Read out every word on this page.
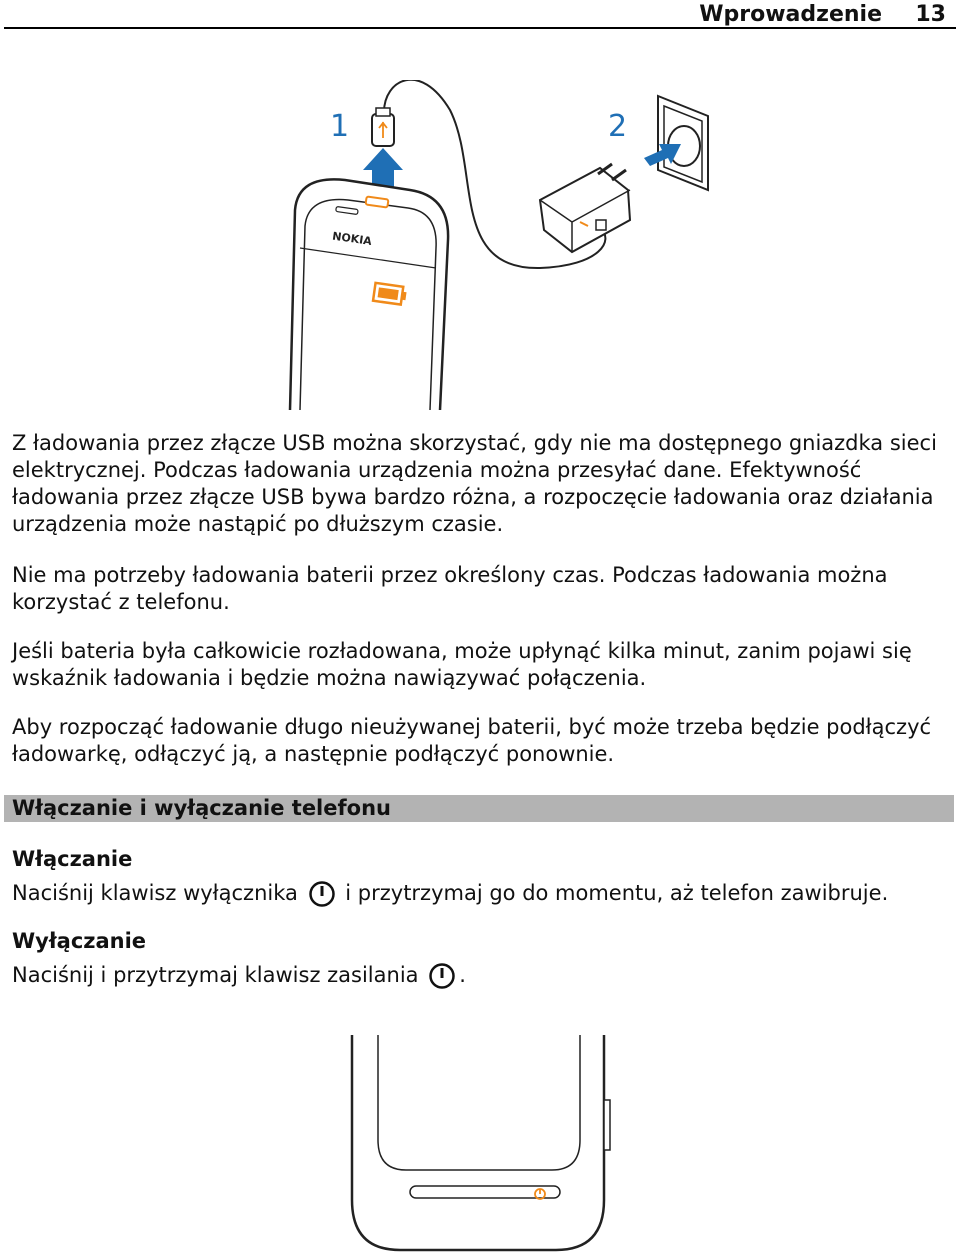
Wprowadzenie 13
1	2
NOKIA

Z ładowania przez złącze USB można skorzystać, gdy nie ma dostępnego gniazdka sieci elektrycznej. Podczas ładowania urządzenia można przesyłać dane. Efektywność ładowania przez złącze USB bywa bardzo różna, a rozpoczęcie ładowania oraz działania urządzenia może nastąpić po dłuższym czasie.

Nie ma potrzeby ładowania baterii przez określony czas. Podczas ładowania można korzystać z telefonu.

Jeśli bateria była całkowicie rozładowana, może upłynąć kilka minut, zanim pojawi się wskaźnik ładowania i będzie można nawiązywać połączenia.

Aby rozpocząć ładowanie długo nieużywanej baterii, być może trzeba będzie podłączyć ładowarkę, odłączyć ją, a następnie podłączyć ponownie.

Włączanie i wyłączanie telefonu
Włączanie

Naciśnij klawisz wyłącznika i przytrzymaj go do momentu, aż telefon zawibruje.

Wyłączanie

Naciśnij i przytrzymaj klawisz zasilania .
